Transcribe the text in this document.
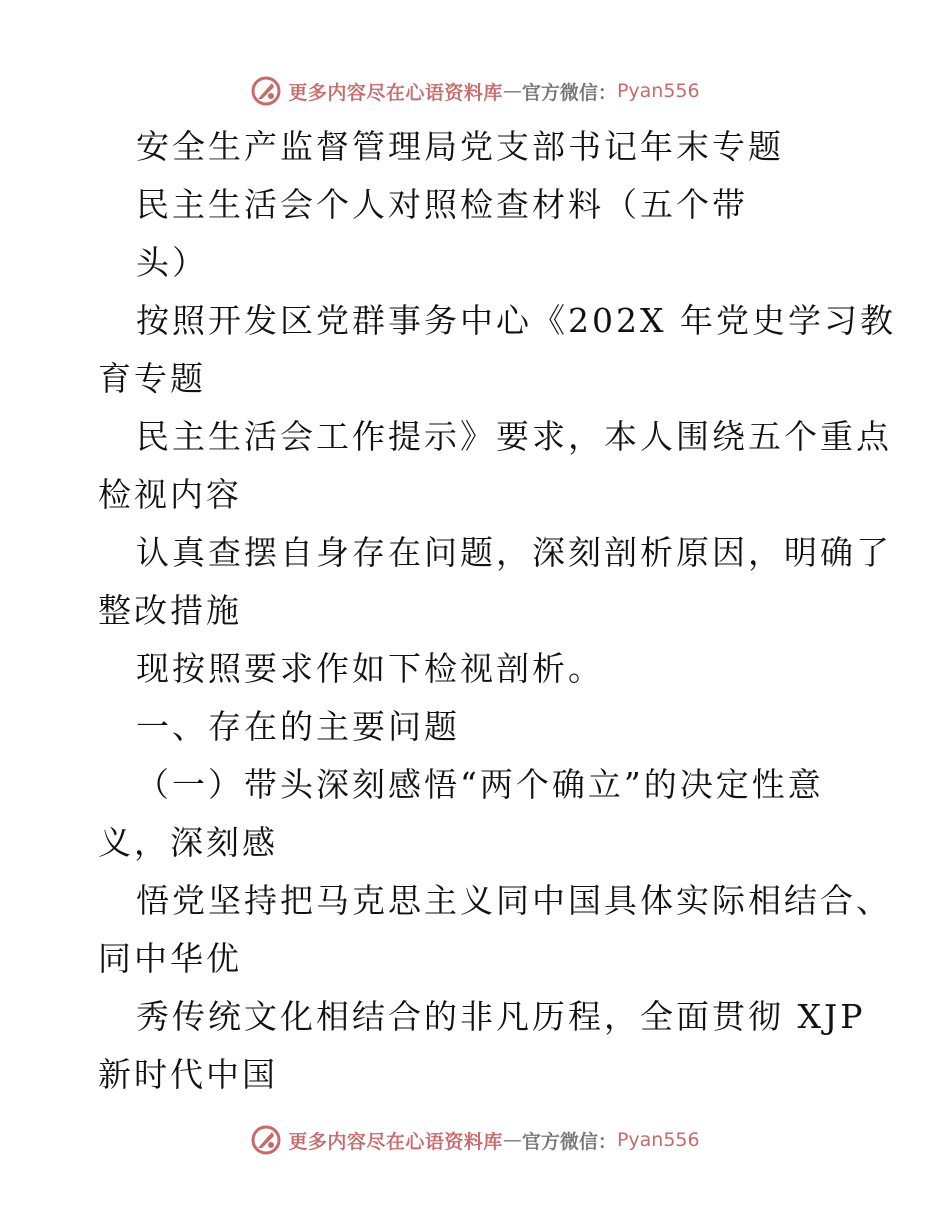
更多内容尽在心语资料库 — 官方微信： Pyan556
安全生产监督管理局党支部书记年末专题
民主生活会个人对照检查材料（五个带
头）
按照开发区党群事务中心《202X 年党史学习教
育专题
民主生活会工作提示》要求，本人围绕五个重点
检视内容
认真查摆自身存在问题，深刻剖析原因，明确了
整改措施
现按照要求作如下检视剖析。
一、存在的主要问题
（一）带头深刻感悟“两个确立”的决定性意
义，深刻感
悟党坚持把马克思主义同中国具体实际相结合、
同中华优
秀传统文化相结合的非凡历程，全面贯彻 XJP
新时代中国
更多内容尽在心语资料库 — 官方微信： Pyan556
